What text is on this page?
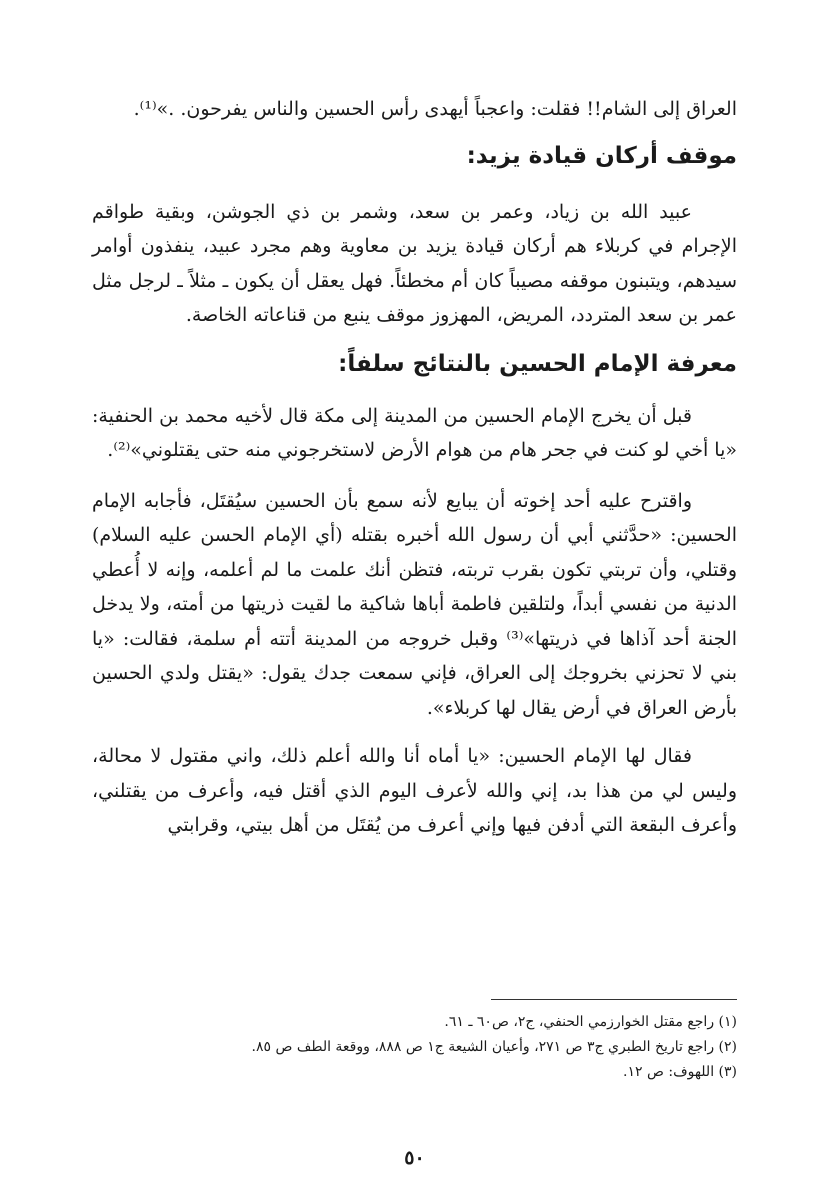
العراق إلى الشام!! فقلت: واعجباً أيهدى رأس الحسين والناس يفرحون. .»⁽¹⁾.

موقف أركان قيادة يزيد:

عبيد الله بن زياد، وعمر بن سعد، وشمر بن ذي الجوشن، وبقية طواقم الإجرام في كربلاء هم أركان قيادة يزيد بن معاوية وهم مجرد عبيد، ينفذون أوامر سيدهم، ويتبنون موقفه مصيباً كان أم مخطئاً. فهل يعقل أن يكون ـ مثلاً ـ لرجل مثل عمر بن سعد المتردد، المريض، المهزوز موقف ينبع من قناعاته الخاصة.

معرفة الإمام الحسين بالنتائج سلفاً:

قبل أن يخرج الإمام الحسين من المدينة إلى مكة قال لأخيه محمد بن الحنفية: «يا أخي لو كنت في جحر هام من هوام الأرض لاستخرجوني منه حتى يقتلوني»⁽²⁾.

واقترح عليه أحد إخوته أن يبايع لأنه سمع بأن الحسين سيُقتَل، فأجابه الإمام الحسين: «حدَّثني أبي أن رسول الله أخبره بقتله (أي الإمام الحسن عليه السلام) وقتلي، وأن تربتي تكون بقرب تربته، فتظن أنك علمت ما لم أعلمه، وإنه لا أُعطي الدنية من نفسي أبداً، ولتلقين فاطمة أباها شاكية ما لقيت ذريتها من أمته، ولا يدخل الجنة أحد آذاها في ذريتها»⁽³⁾ وقبل خروجه من المدينة أتته أم سلمة، فقالت: «يا بني لا تحزني بخروجك إلى العراق، فإني سمعت جدك يقول: «يقتل ولدي الحسين بأرض العراق في أرض يقال لها كربلاء».

فقال لها الإمام الحسين: «يا أماه أنا والله أعلم ذلك، واني مقتول لا محالة، وليس لي من هذا بد، إني والله لأعرف اليوم الذي أقتل فيه، وأعرف من يقتلني، وأعرف البقعة التي أدفن فيها وإني أعرف من يُقتَل من أهل بيتي، وقرابتي

(١) راجع مقتل الخوارزمي الحنفي، ج٢، ص٦٠ ـ ٦١.

(٢) راجع تاريخ الطبري ج٣ ص ٢٧١، وأعيان الشيعة ج١ ص ٨٨٨، ووقعة الطف ص ٨٥.

(٣) اللهوف: ص ١٢.

٥٠
